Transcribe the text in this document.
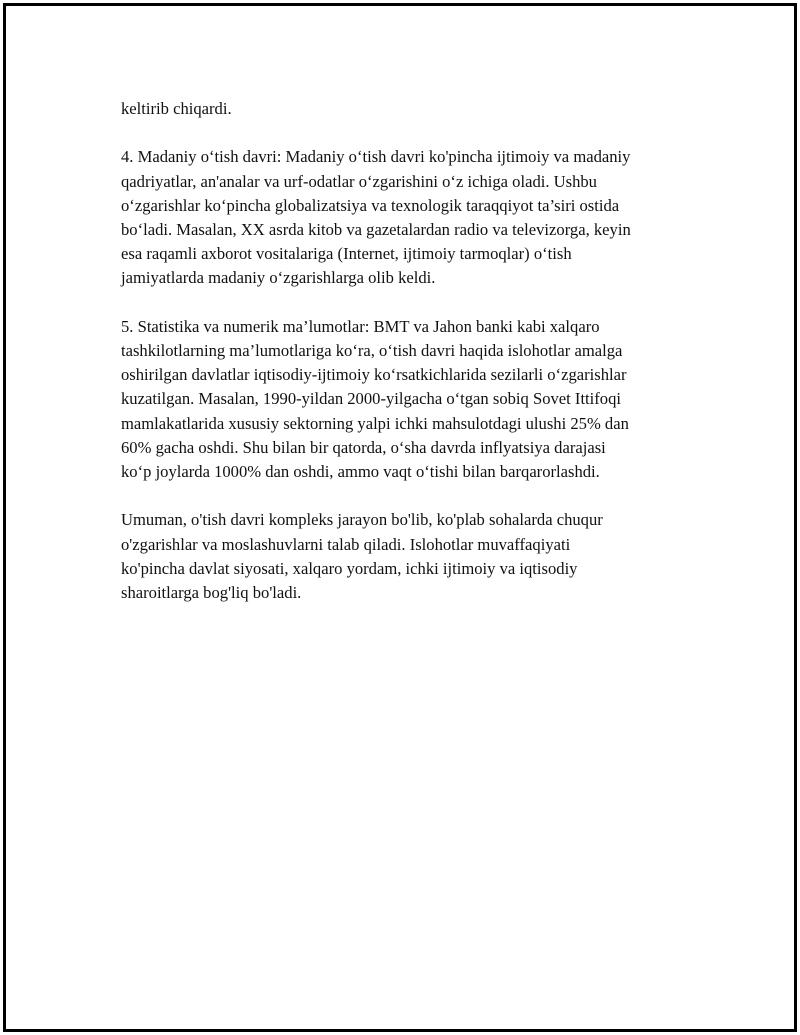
keltirib chiqardi.

4. Madaniy o‘tish davri: Madaniy o‘tish davri ko'pincha ijtimoiy va madaniy
qadriyatlar, an'analar va urf-odatlar o‘zgarishini o‘z ichiga oladi. Ushbu
o‘zgarishlar ko‘pincha globalizatsiya va texnologik taraqqiyot ta’siri ostida
bo‘ladi. Masalan, XX asrda kitob va gazetalardan radio va televizorga, keyin
esa raqamli axborot vositalariga (Internet, ijtimoiy tarmoqlar) o‘tish
jamiyatlarda madaniy o‘zgarishlarga olib keldi.

5. Statistika va numerik ma’lumotlar: BMT va Jahon banki kabi xalqaro
tashkilotlarning ma’lumotlariga ko‘ra, o‘tish davri haqida islohotlar amalga
oshirilgan davlatlar iqtisodiy-ijtimoiy ko‘rsatkichlarida sezilarli o‘zgarishlar
kuzatilgan. Masalan, 1990-yildan 2000-yilgacha o‘tgan sobiq Sovet Ittifoqi
mamlakatlarida xususiy sektorning yalpi ichki mahsulotdagi ulushi 25% dan
60% gacha oshdi. Shu bilan bir qatorda, o‘sha davrda inflyatsiya darajasi
ko‘p joylarda 1000% dan oshdi, ammo vaqt o‘tishi bilan barqarorlashdi.

Umuman, o'tish davri kompleks jarayon bo'lib, ko'plab sohalarda chuqur
o'zgarishlar va moslashuvlarni talab qiladi. Islohotlar muvaffaqiyati
ko'pincha davlat siyosati, xalqaro yordam, ichki ijtimoiy va iqtisodiy
sharoitlarga bog'liq bo'ladi.
